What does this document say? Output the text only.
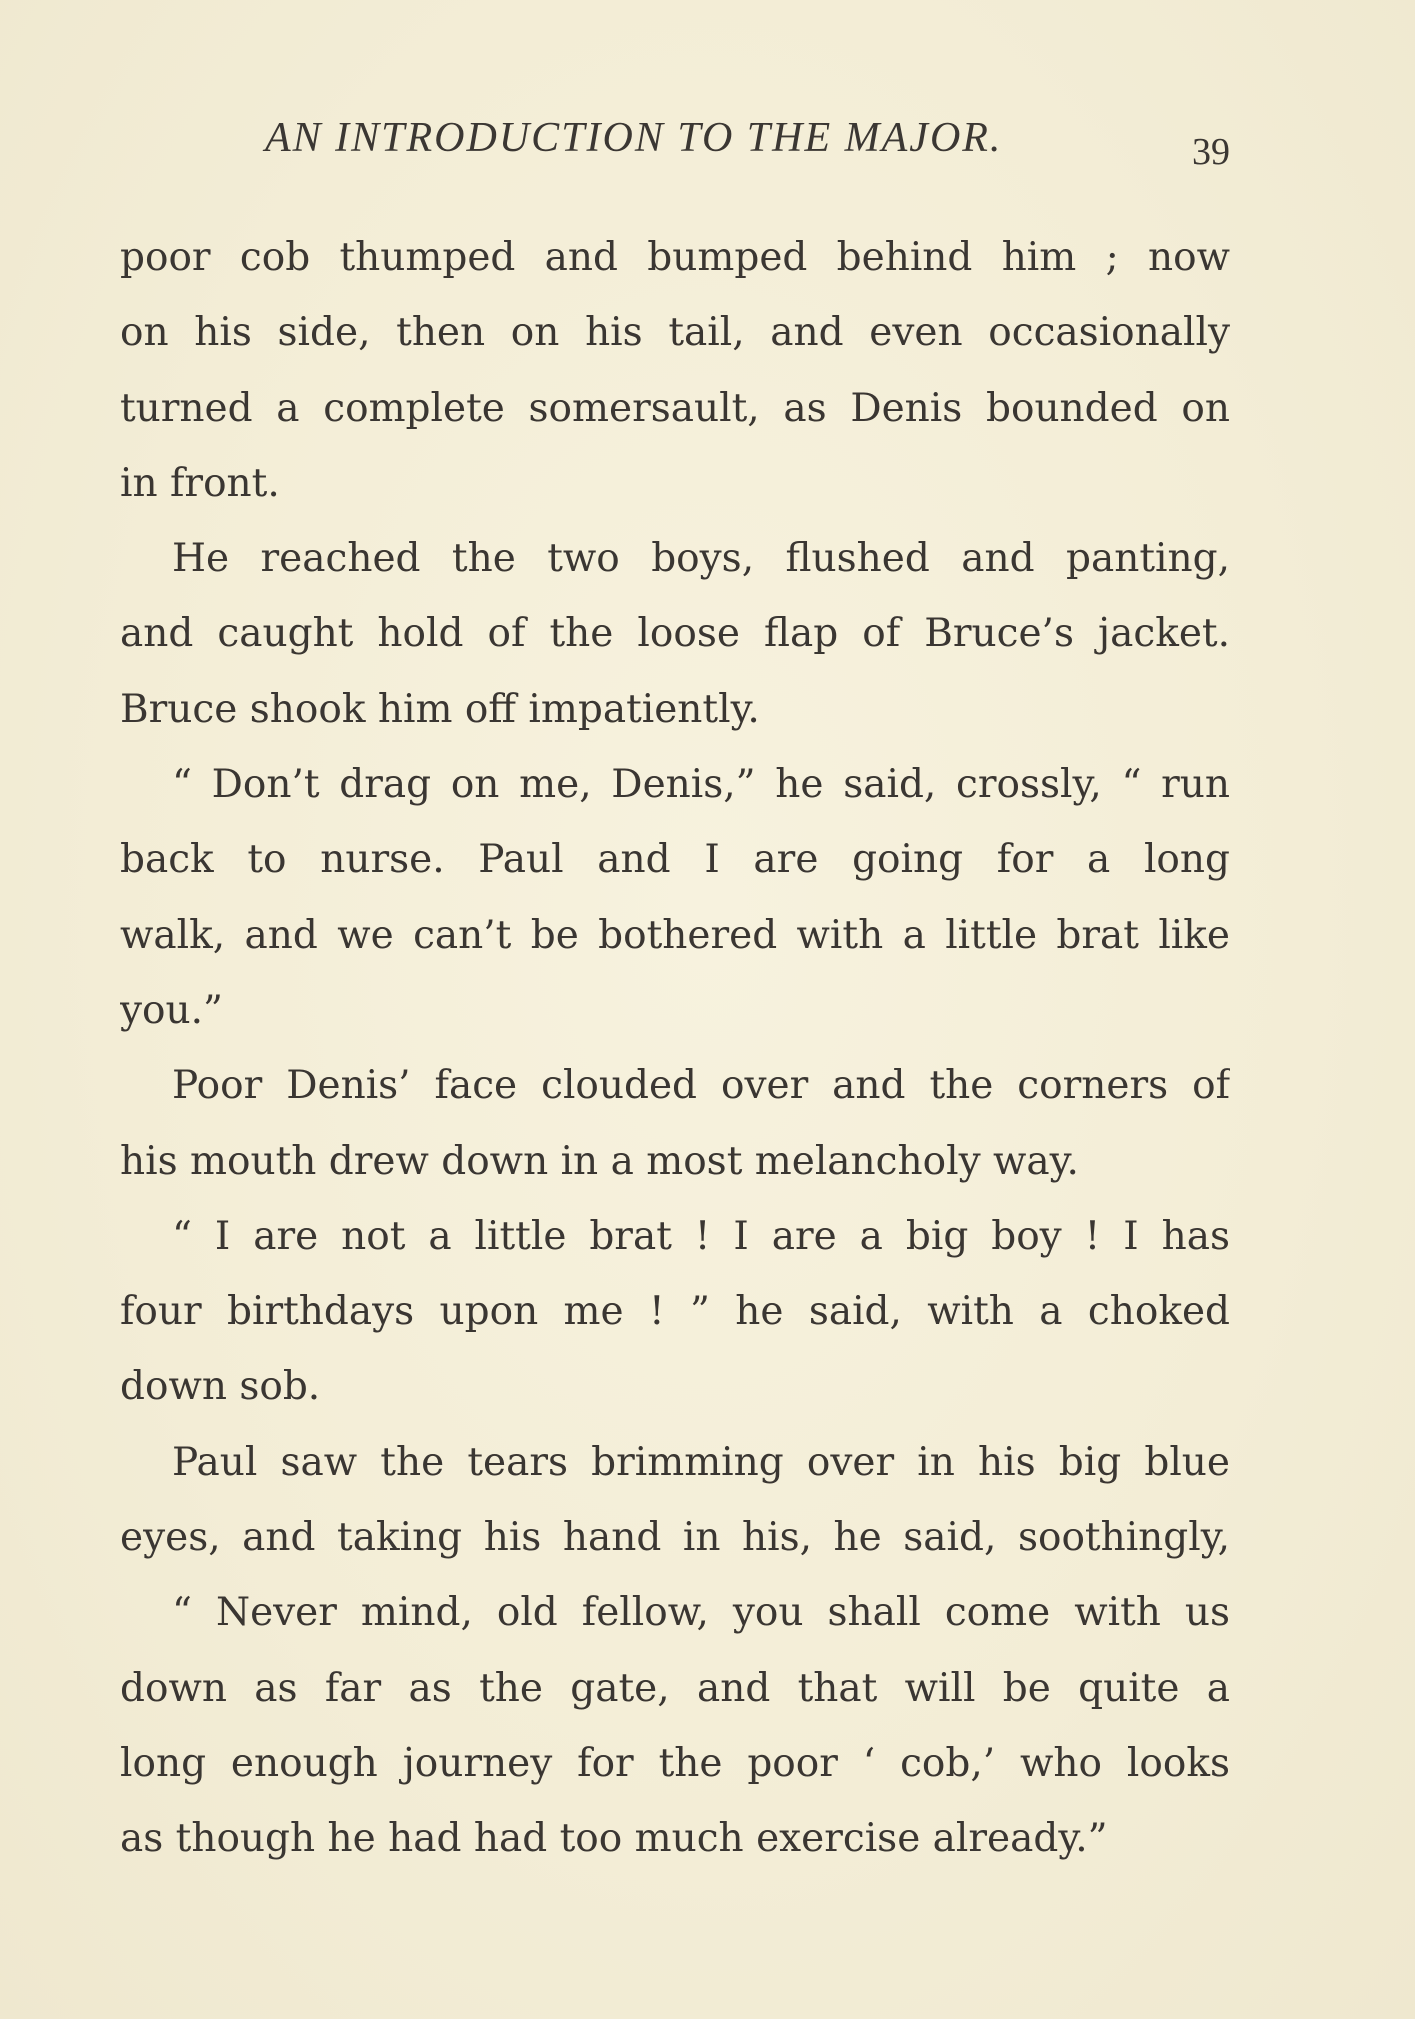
AN INTRODUCTION TO THE MAJOR.	39
poor cob thumped and bumped behind him ; now
on his side, then on his tail, and even occasionally
turned a complete somersault, as Denis bounded on
in front.
He reached the two boys, flushed and panting,
and caught hold of the loose flap of Bruce’s jacket.
Bruce shook him off impatiently.
“ Don’t drag on me, Denis,” he said, crossly, “ run
back to nurse. Paul and I are going for a long
walk, and we can’t be bothered with a little brat like
you.”
Poor Denis’ face clouded over and the corners of
his mouth drew down in a most melancholy way.
“ I are not a little brat ! I are a big boy ! I has
four birthdays upon me ! ” he said, with a choked
down sob.
Paul saw the tears brimming over in his big blue
eyes, and taking his hand in his, he said, soothingly,
“ Never mind, old fellow, you shall come with us
down as far as the gate, and that will be quite a
long enough journey for the poor ‘ cob,’ who looks
as though he had had too much exercise already.”
